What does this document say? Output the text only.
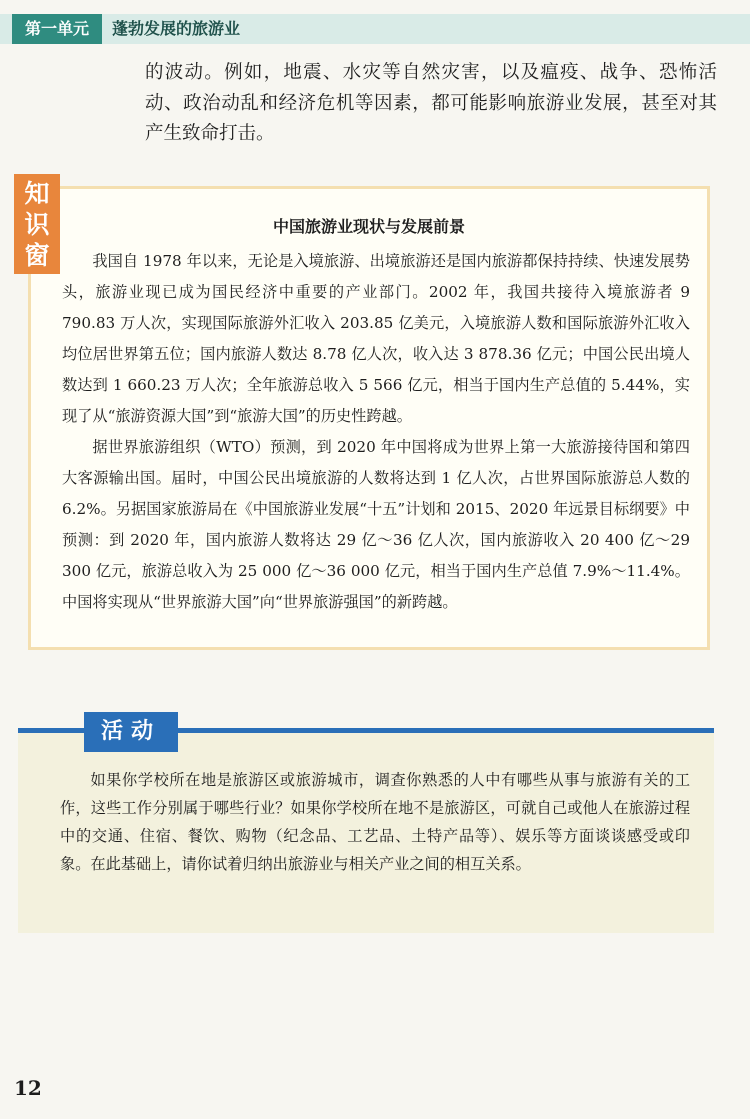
第一单元	蓬勃发展的旅游业
的波动。例如，地震、水灾等自然灾害，以及瘟疫、战争、恐怖活动、政治动乱和经济危机等因素，都可能影响旅游业发展，甚至对其产生致命打击。
知识窗
中国旅游业现状与发展前景

我国自 1978 年以来，无论是入境旅游、出境旅游还是国内旅游都保持持续、快速发展势头，旅游业现已成为国民经济中重要的产业部门。2002 年，我国共接待入境旅游者 9 790.83 万人次，实现国际旅游外汇收入 203.85 亿美元，入境旅游人数和国际旅游外汇收入均位居世界第五位；国内旅游人数达 8.78 亿人次，收入达 3 878.36 亿元；中国公民出境人数达到 1 660.23 万人次；全年旅游总收入 5 566 亿元，相当于国内生产总值的 5.44%，实现了从“旅游资源大国”到“旅游大国”的历史性跨越。

据世界旅游组织（WTO）预测，到 2020 年中国将成为世界上第一大旅游接待国和第四大客源输出国。届时，中国公民出境旅游的人数将达到 1 亿人次，占世界国际旅游总人数的 6.2%。另据国家旅游局在《中国旅游业发展“十五”计划和 2015、2020 年远景目标纲要》中预测：到 2020 年，国内旅游人数将达 29 亿～36 亿人次，国内旅游收入 20 400 亿～29 300 亿元，旅游总收入为 25 000 亿～36 000 亿元，相当于国内生产总值 7.9%～11.4%。中国将实现从“世界旅游大国”向“世界旅游强国”的新跨越。

活动

如果你学校所在地是旅游区或旅游城市，调查你熟悉的人中有哪些从事与旅游有关的工作，这些工作分别属于哪些行业？如果你学校所在地不是旅游区，可就自己或他人在旅游过程中的交通、住宿、餐饮、购物（纪念品、工艺品、土特产品等）、娱乐等方面谈谈感受或印象。在此基础上，请你试着归纳出旅游业与相关产业之间的相互关系。

12
